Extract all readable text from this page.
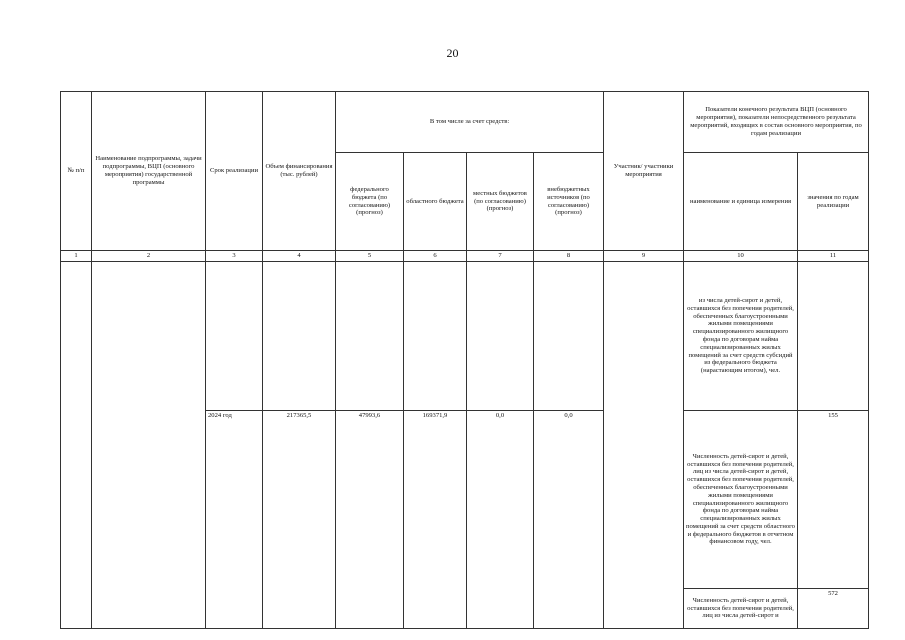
20
№ п/п	Наименование подпрограммы, задачи подпрограммы, ВЦП (основного мероприятия) государственной программы	Срок реализации	Объем финансирования (тыс. рублей)	В том числе за счет средств:				Участник/ участники мероприятия	Показатели конечного результата ВЦП (основного мероприятия), показатели непосредственного результата мероприятий, входящих в состав основного мероприятия, по годам реализации	
				федерального бюджета (по согласованию) (прогноз)	областного бюджета	местных бюджетов (по согласованию) (прогноз)	внебюджетных источников (по согласованию) (прогноз)		наименование и единица измерения	значения по годам реализации
1	2	3	4	5	6	7	8	9	10	11
									из числа детей-сирот и детей, оставшихся без попечения родителей, обеспеченных благоустроенными жилыми помещениями специализированного жилищного фонда по договорам найма специализированных жилых помещений за счет средств субсидий из федерального бюджета (нарастающим итогом), чел.	
		2024 год	217365,5	47993,6	169371,9	0,0	0,0		Численность детей-сирот и детей, оставшихся без попечения родителей, лиц из числа детей-сирот и детей, оставшихся без попечения родителей, обеспеченных благоустроенными жилыми помещениями специализированного жилищного фонда по договорам найма специализированных жилых помещений за счет средств областного и федерального бюджетов в отчетном финансовом году, чел.	155
									Численность детей-сирот и детей, оставшихся без попечения родителей, лиц из числа детей-сирот и	572
